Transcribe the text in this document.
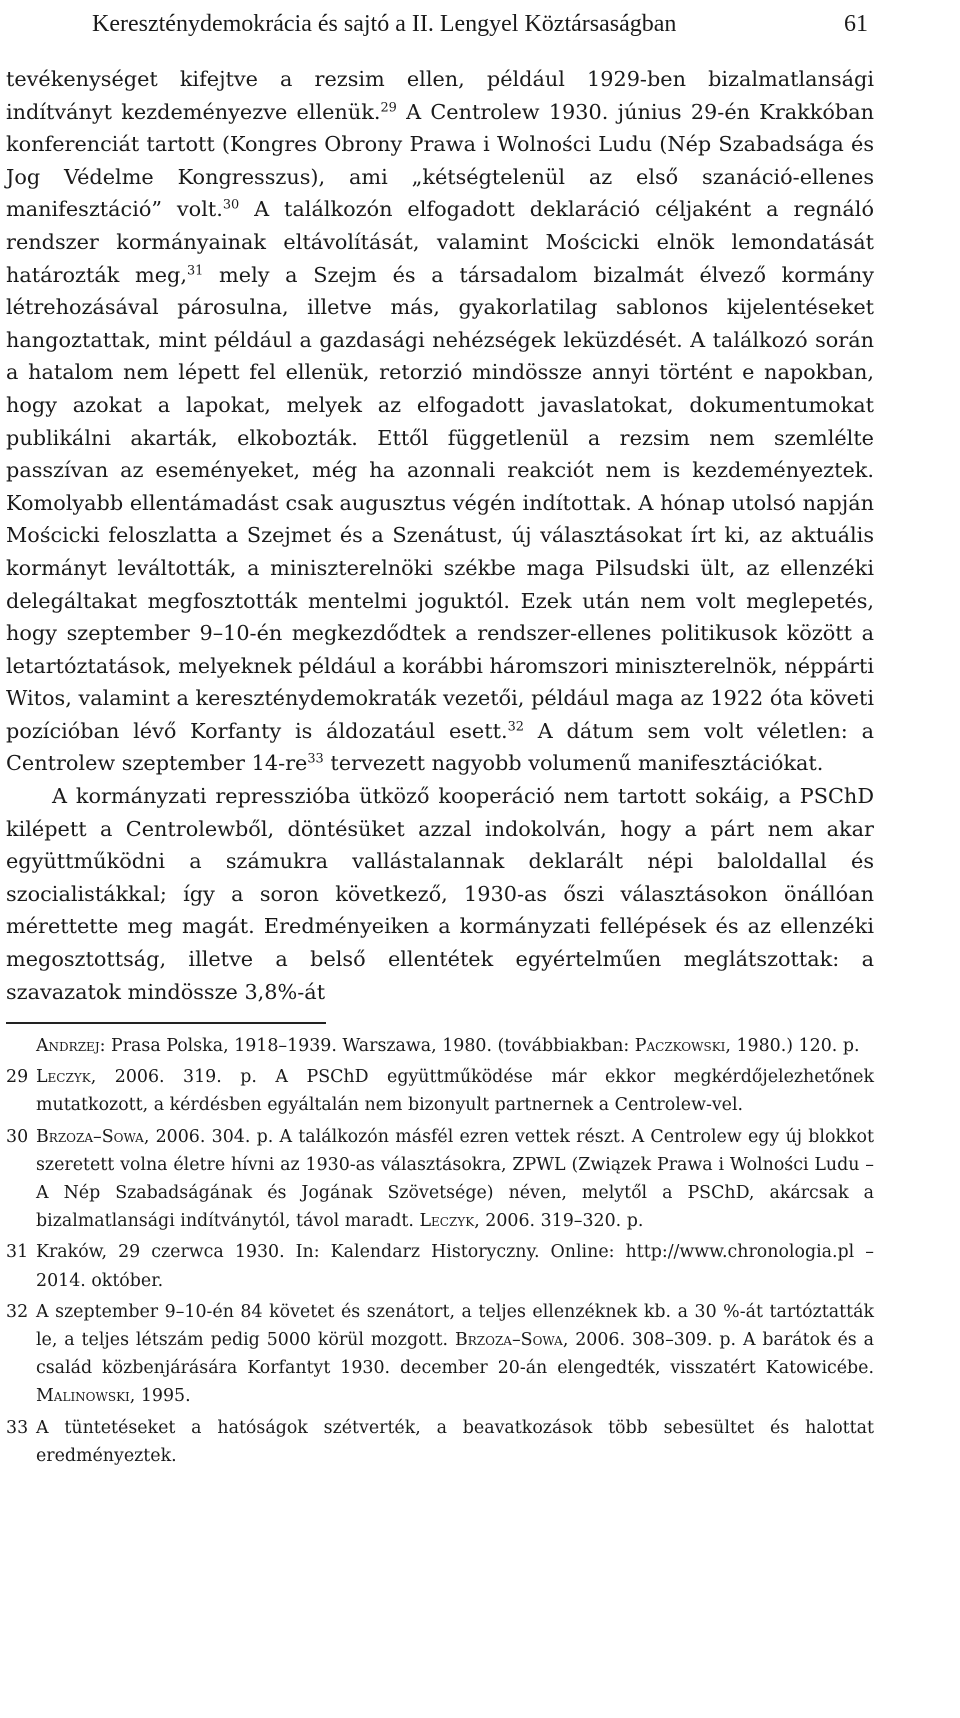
Kereszténydemokrácia és sajtó a II. Lengyel Köztársaságban	61

tevékenységet kifejtve a rezsim ellen, például 1929-ben bizalmatlansági indítványt kezdeményezve ellenük.$^{29}$ A Centrolew 1930. június 29-én Krakkóban konferenciát tartott (Kongres Obrony Prawa i Wolności Ludu (Nép Szabadsága és Jog Védelme Kongresszus), ami „kétségtelenül az első szanáció-ellenes manifesztáció” volt.$^{30}$ A találkozón elfogadott deklaráció céljaként a regnáló rendszer kormányainak eltávolítását, valamint Mościcki elnök lemondatását határozták meg,$^{31}$ mely a Szejm és a társadalom bizalmát élvező kormány létrehozásával párosulna, illetve más, gyakorlatilag sablonos kijelentéseket hangoztattak, mint például a gazdasági nehézségek leküzdését. A találkozó során a hatalom nem lépett fel ellenük, retorzió mindössze annyi történt e napokban, hogy azokat a lapokat, melyek az elfogadott javaslatokat, dokumentumokat publikálni akarták, elkobozták. Ettől függetlenül a rezsim nem szemlélte passzívan az eseményeket, még ha azonnali reakciót nem is kezdeményeztek. Komolyabb ellentámadást csak augusztus végén indítottak. A hónap utolsó napján Mościcki feloszlatta a Szejmet és a Szenátust, új választásokat írt ki, az aktuális kormányt leváltották, a miniszterelnöki székbe maga Pilsudski ült, az ellenzéki delegáltakat megfosztották mentelmi joguktól. Ezek után nem volt meglepetés, hogy szeptember 9–10-én megkezdődtek a rendszer-ellenes politikusok között a letartóztatások, melyeknek például a korábbi háromszori miniszterelnök, néppárti Witos, valamint a kereszténydemokraták vezetői, például maga az 1922 óta követi pozícióban lévő Korfanty is áldozatául esett.$^{32}$ A dátum sem volt véletlen: a Centrolew szeptember 14-re$^{33}$ tervezett nagyobb volumenű manifesztációkat.

A kormányzati represszióba ütköző kooperáció nem tartott sokáig, a PSChD kilépett a Centrolewből, döntésüket azzal indokolván, hogy a párt nem akar együttműködni a számukra vallástalannak deklarált népi baloldallal és szocialistákkal; így a soron következő, 1930-as őszi választásokon önállóan mérettette meg magát. Eredményeiken a kormányzati fellépések és az ellenzéki megosztottság, illetve a belső ellentétek egyértelműen meglátszottak: a szavazatok mindössze 3,8%-át

Andrzej: Prasa Polska, 1918–1939. Warszawa, 1980. (továbbiakban: Paczkowski, 1980.) 120. p.
29 Leczyk, 2006. 319. p. A PSChD együttműködése már ekkor megkérdőjelezhetőnek mutatkozott, a kérdésben egyáltalán nem bizonyult partnernek a Centrolew-vel.
30 Brzoza–Sowa, 2006. 304. p. A találkozón másfél ezren vettek részt. A Centrolew egy új blokkot szeretett volna életre hívni az 1930-as választásokra, ZPWL (Związek Prawa i Wolności Ludu – A Nép Szabadságának és Jogának Szövetsége) néven, melytől a PSChD, akárcsak a bizalmatlansági indítványtól, távol maradt. Leczyk, 2006. 319–320. p.
31 Kraków, 29 czerwca 1930. In: Kalendarz Historyczny. Online: http://www.chronologia.pl – 2014. október.
32 A szeptember 9–10-én 84 követet és szenátort, a teljes ellenzéknek kb. a 30 %-át tartóztatták le, a teljes létszám pedig 5000 körül mozgott. Brzoza–Sowa, 2006. 308–309. p. A barátok és a család közbenjárására Korfantyt 1930. december 20-án elengedték, visszatért Katowicébe. Malinowski, 1995.
33 A tüntetéseket a hatóságok szétverték, a beavatkozások több sebesültet és halottat eredményeztek.
